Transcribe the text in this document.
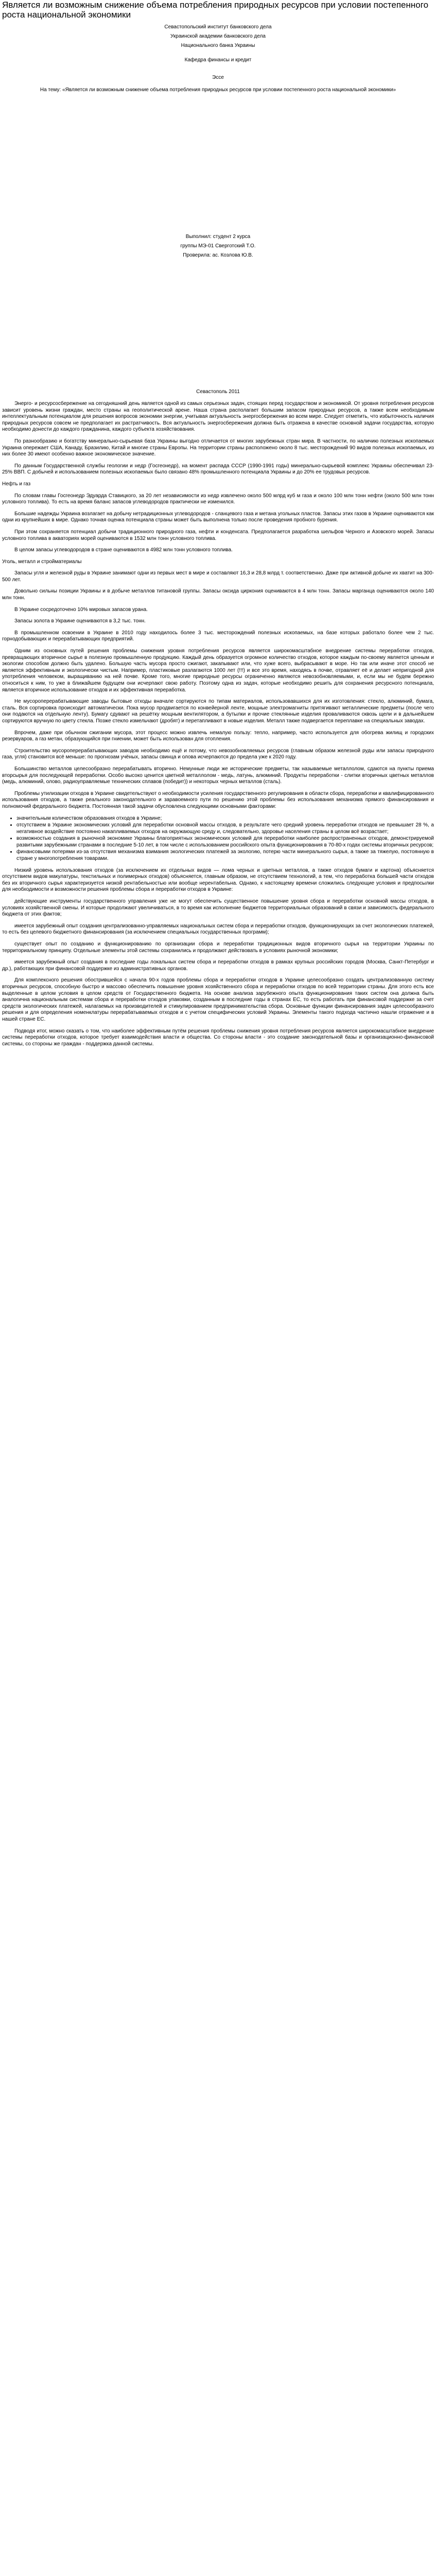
Является ли возможным снижение объема потребления природных ресурсов при условии постепенного роста национальной экономики
Севастопольский институт банковского дела
Украинской академии банковского дела
Национального банка Украины
Кафедра финансы и кредит
Эссе
На тему: «Является ли возможным снижение объема потребления природных ресурсов при условии постепенного роста национальной экономики»
Выполнил: студент 2 курса
группы МЭ-01 Сверготский Т.О.
Проверила: ас. Козлова Ю.В.
Севастополь 2011

Энерго- и ресурсосбережение на сегодняшний день является одной из самых серьезных задач, стоящих перед государством и экономикой. От уровня потребления ресурсов зависит уровень жизни граждан, место страны на геополитической арене. Наша страна располагает большим запасом природных ресурсов, а также всем необходимым интеллектуальным потенциалом для решения вопросов экономии энергии, учитывая актуальность энергосбережения во всем мире. Следует отметить, что избыточность наличия природных ресурсов совсем не предполагает их растратчивость. Вся актуальность энергосбережения должна быть отражена в качестве основной задачи государства, которую необходимо донести до каждого гражданина, каждого субъекта хозяйствования.

По разнообразию и богатству минерально-сырьевая база Украины выгодно отличается от многих зарубежных стран мира. В частности, по наличию полезных ископаемых Украина опережает США, Канаду, Бразилию, Китай и многие страны Европы. На территории страны расположено около 8 тыс. месторождений 90 видов полезных ископаемых, из них более 30 имеют особенно важное экономическое значение.

По данным Государственной службы геологии и недр (Госгеонедр), на момент распада СССР (1990-1991 годы) минерально-сырьевой комплекс Украины обеспечивал 23-25% ВВП. С добычей и использованием полезных ископаемых было связано 48% промышленного потенциала Украины и до 20% ее трудовых ресурсов.

Нефть и газ

По словам главы Госгеонедр Эдуарда Ставицкого, за 20 лет независимости из недр извлечено около 500 млрд куб м газа и около 100 млн тонн нефти (около 500 млн тонн условного топлива). То есть на время баланс запасов углеводородов практически не изменился.

Большие надежды Украина возлагает на добычу нетрадиционных углеводородов - сланцевого газа и метана угольных пластов. Запасы этих газов в Украине оцениваются как одни из крупнейших в мире. Однако точная оценка потенциала страны может быть выполнена только после проведения пробного бурения.

При этом сохраняется потенциал добычи традиционного природного газа, нефти и конденсата. Предполагается разработка шельфов Черного и Азовского морей. Запасы условного топлива в акваториях морей оцениваются в 1532 млн тонн условного топлива.

В целом запасы углеводородов в стране оцениваются в 4982 млн тонн условного топлива.

Уголь, металл и стройматериалы

Запасы угля и железной руды в Украине занимают одни из первых мест в мире и составляют 16,3 и 28,8 млрд т. соответственно. Даже при активной добыче их хватит на 300-500 лет.

Довольно сильны позиции Украины и в добыче металлов титановой группы. Запасы оксида циркония оцениваются в 4 млн тонн. Запасы марганца оцениваются около 140 млн тонн.

В Украине сосредоточено 10% мировых запасов урана.

Запасы золота в Украине оцениваются в 3,2 тыс. тонн.

В промышленном освоении в Украине в 2010 году находилось более 3 тыс. месторождений полезных ископаемых, на базе которых работало более чем 2 тыс. горнодобывающих и перерабатывающих предприятий.

Одним из основных путей решения проблемы снижения уровня потребления ресурсов является широкомасштабное внедрение системы переработки отходов, превращающих вторичное сырье в полезную промышленную продукцию. Каждый день образуется огромное количество отходов, которое каждым по-своему является ценным и экологии способом должно быть удалено. Большую часть мусора просто сжигают, закапывают или, что хуже всего, выбрасывают в море. Но так или иначе этот способ не является эффективным и экологически чистым. Например, пластиковые разлагаются 1000 лет (!!!) и все это время, находясь в почве, отравляет её и делает непригодной для употребления человеком, выращиванию на ней почве. Кроме того, многие природные ресурсы ограниченно являются невозобновляемыми, и, если мы не будем бережно относиться к ним, то уже в ближайшем будущем они исчерпают свою работу. Поэтому одна из задач, которые необходимо решить для сохранения ресурсного потенциала, является вторичное использование отходов и их эффективная переработка.

Не мусороперерабатывающие заводы бытовые отходы вначале сортируются по типам материалов, использовавшихся для их изготовления: стекло, алюминий, бумага, сталь. Вся сортировка происходит автоматически. Пока мусор продвигается по конвейерной ленте, мощные электромагниты притягивают металлические предметы (после чего они подаются на отдельную ленту). Бумагу сдувают на решётку мощным вентилятором, а бутылки и прочие стеклянные изделия проваливаются сквозь щели и в дальнейшем сортируются вручную по цвету стекла. Позже стекло измельчают (дробят) и перетапливают в новые изделия. Металл также подвергается переплавке на специальных заводах.

Впрочем, даже при обычном сжигании мусора, этот процесс можно извлечь немалую пользу: тепло, например, часто используется для обогрева жилищ и городских резервуаров, а газ метан, образующийся при гниении, может быть использован для отопления.

Строительство мусороперерабатывающих заводов необходимо ещё и потому, что невозобновляемых ресурсов (главным образом железной руды или запасы природного газа, угля) становится всё меньше: по прогнозам учёных, запасы свинца и олова исчерпаются до предела уже к 2020 году.

Большинство металлов целесообразно перерабатывать вторично. Немунные люди же исторические предметы, так называемые металлолом, сдаются на пункты приема вторсырья для последующей переработки. Особо высоко ценится цветной металлолом - медь, латунь, алюминий. Продукты переработки - слитки вторичных цветных металлов (медь, алюминий, олово, радиоуправляемые технических сплавов (победит)) и некоторых черных металлов (сталь).

Проблемы утилизации отходов в Украине свидетельствуют о необходимости усиления государственного регулирования в области сбора, переработки и квалифицированного использования отходов, а также реального законодательного и заравоемного пути по решению этой проблемы без использования механизма прямого финансирования и полномочий федерального бюджета. Постоянная такой задачи обусловлена следующими основными факторами:

• значительным количеством образования отходов в Украине;
• отсутствием в Украине экономических условий для переработки основной массы отходов, в результате чего средний уровень переработки отходов не превышает 28 %, а негативное воздействие постоянно накапливаемых отходов на окружающую среду и, следовательно, здоровье населения страны в целом всё возрастает;
• возможностью создания в рыночной экономике Украины благоприятных экономических условий для переработки наиболее распространенных отходов, демонстрируемой развитыми зарубежными странами в последние 5-10 лет, в том числе с использованием российского опыта функционирования в 70-80-х годах системы вторичных ресурсов;
• финансовыми потерями из-за отсутствия механизма взимания экологических платежей за экологию, потерю части минерального сырья, а также за тяжелую, постоянную в стране у многопотребления товарами.

Низкий уровень использования отходов (за исключением их отдельных видов — лома черных и цветных металлов, а также отходов бумаги и картона) объясняется отсутствием видов макулатуры, текстильных и полимерных отходов) объясняется, главным образом, не отсутствием технологий, а тем, что переработка большей части отходов без их вторичного сырья характеризуется низкой рентабельностью или вообще нерентабельна. Однако, к настоящему времени сложились следующие условия и предпосылки для необходимости и возможности решения проблемы сбора и переработки отходов в Украине:

действующие инструменты государственного управления уже не могут обеспечить существенное повышение уровня сбора и переработки основной массы отходов, в условиях хозяйственной смены. И которые продолжают увеличиваться, в то время как исполнение бюджетов территориальных образований в связи и зависимость федерального бюджета от этих фактов;

имеется зарубежный опыт создания централизованно-управляемых национальных систем сбора и переработки отходов, функционирующих за счет экологических платежей, то есть без целевого бюджетного финансирования (за исключением специальных государственных программ);

существует опыт по созданию и функционированию по организации сбора и переработки традиционных видов вторичного сырья на территории Украины по территориальному принципу. Отдельные элементы этой системы сохранились и продолжают действовать в условиях рыночной экономики;

имеется зарубежный опыт создания в последние годы локальных систем сбора и переработки отходов в рамках крупных российских городов (Москва, Санкт-Петербург и др.), работающих при финансовой поддержке из административных органов.

Для комплексного решения обострившейся с начала 90-х годов проблемы сбора и переработки отходов в Украине целесообразно создать централизованную систему вторичных ресурсов, способную быстро и массово обеспечить повышение уровня хозяйственного сбора и переработки отходов по всей территории страны. Для этого есть все выделенные в целом условия в целом средств от Государственного бюджета. На основе анализа зарубежного опыта функционирования таких систем она должна быть аналогична национальным системам сбора и переработки отходов упаковки, созданным в последние годы в странах ЕС, то есть работать при финансовой поддержке за счет средств экологических платежей, налагаемых на производителей и стимулированием предпринимательства сбора. Основные функции финансирования задач целесообразного решения и для определения номенклатуры перерабатываемых отходов и с учетом специфических условий Украины. Элементы такого подхода частично нашли отражение и в нашей стране ЕС.

Подводя итог, можно сказать о том, что наиболее эффективным путём решения проблемы снижения уровня потребления ресурсов является широкомасштабное внедрение системы переработки отходов, которое требует взаимодействия власти и общества. Со стороны власти - это создание законодательной базы и организационно-финансовой системы, со стороны же граждан - поддержка данной системы.
